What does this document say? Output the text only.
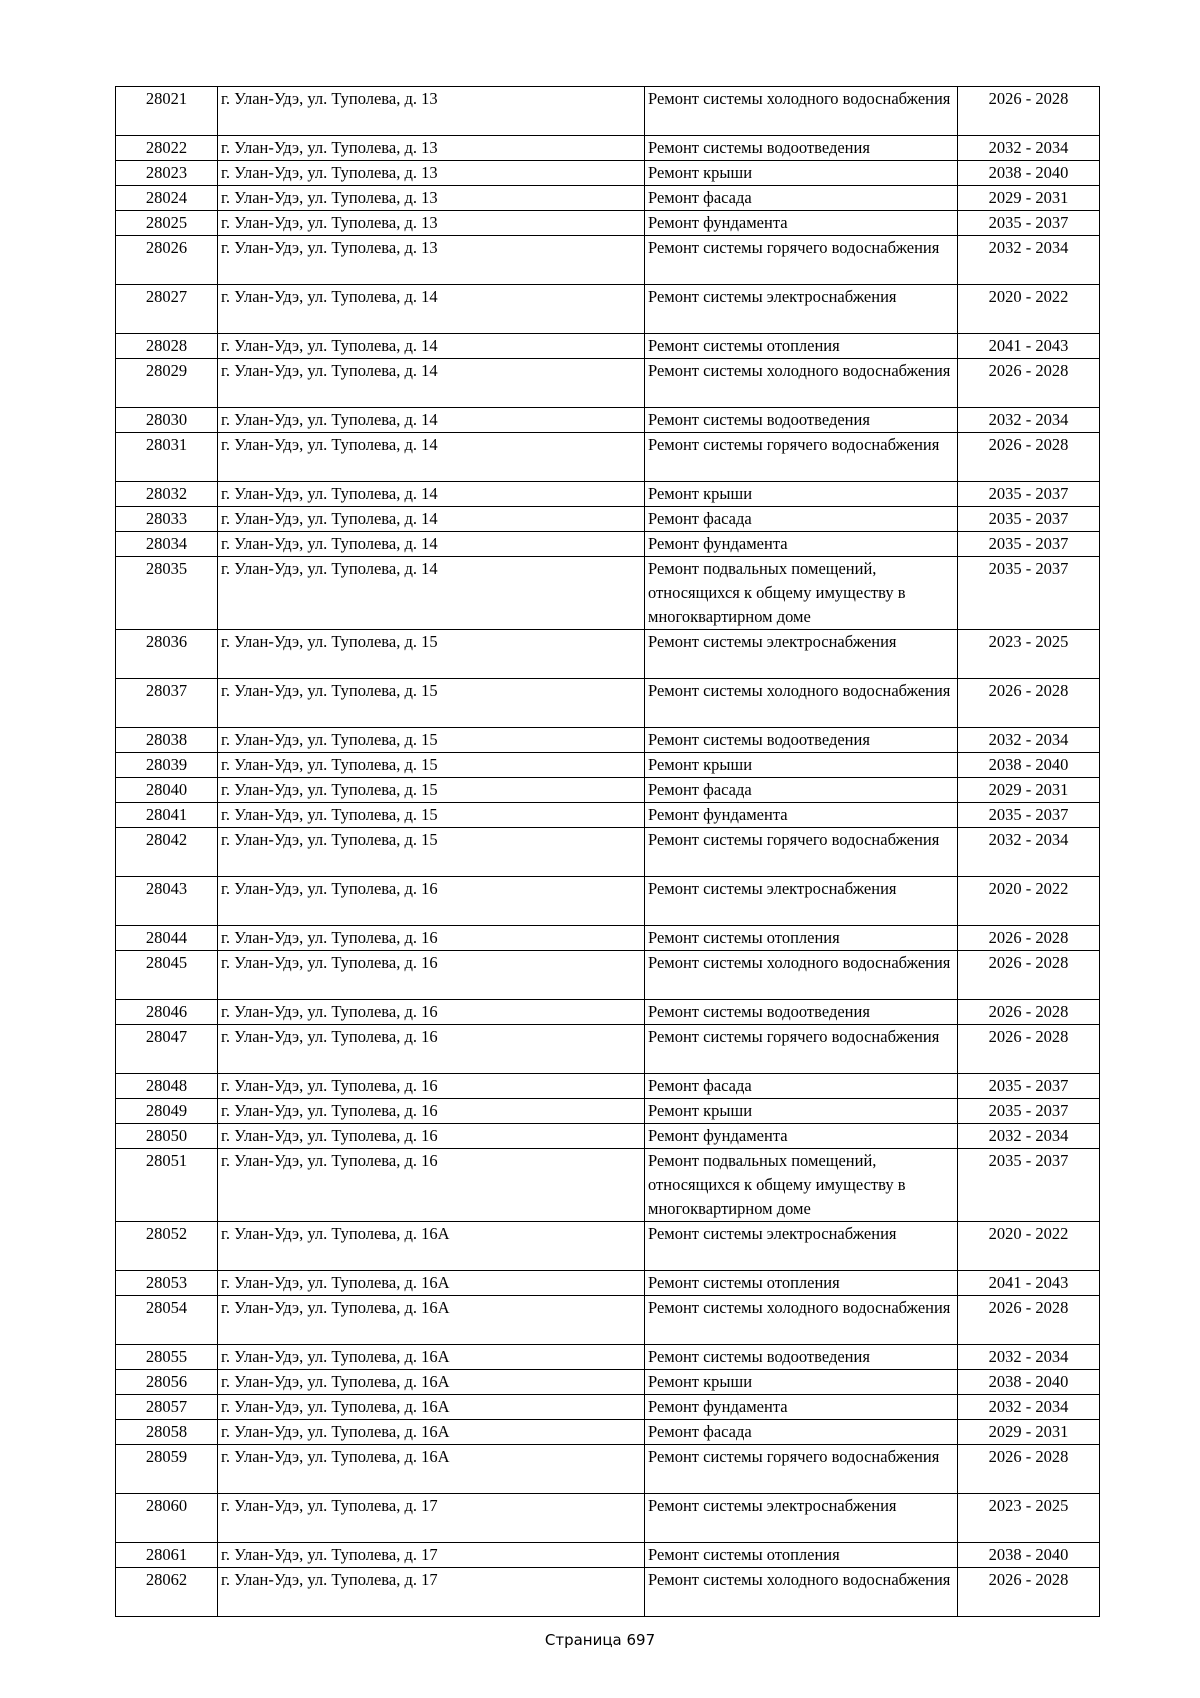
28021	г. Улан-Удэ, ул. Туполева, д. 13	Ремонт системы холодного водоснабжения	2026 - 2028
28022	г. Улан-Удэ, ул. Туполева, д. 13	Ремонт системы водоотведения	2032 - 2034
28023	г. Улан-Удэ, ул. Туполева, д. 13	Ремонт крыши	2038 - 2040
28024	г. Улан-Удэ, ул. Туполева, д. 13	Ремонт фасада	2029 - 2031
28025	г. Улан-Удэ, ул. Туполева, д. 13	Ремонт фундамента	2035 - 2037
28026	г. Улан-Удэ, ул. Туполева, д. 13	Ремонт системы горячего водоснабжения	2032 - 2034
28027	г. Улан-Удэ, ул. Туполева, д. 14	Ремонт системы электроснабжения	2020 - 2022
28028	г. Улан-Удэ, ул. Туполева, д. 14	Ремонт системы отопления	2041 - 2043
28029	г. Улан-Удэ, ул. Туполева, д. 14	Ремонт системы холодного водоснабжения	2026 - 2028
28030	г. Улан-Удэ, ул. Туполева, д. 14	Ремонт системы водоотведения	2032 - 2034
28031	г. Улан-Удэ, ул. Туполева, д. 14	Ремонт системы горячего водоснабжения	2026 - 2028
28032	г. Улан-Удэ, ул. Туполева, д. 14	Ремонт крыши	2035 - 2037
28033	г. Улан-Удэ, ул. Туполева, д. 14	Ремонт фасада	2035 - 2037
28034	г. Улан-Удэ, ул. Туполева, д. 14	Ремонт фундамента	2035 - 2037
28035	г. Улан-Удэ, ул. Туполева, д. 14	Ремонт подвальных помещений, относящихся к общему имуществу в многоквартирном доме	2035 - 2037
28036	г. Улан-Удэ, ул. Туполева, д. 15	Ремонт системы электроснабжения	2023 - 2025
28037	г. Улан-Удэ, ул. Туполева, д. 15	Ремонт системы холодного водоснабжения	2026 - 2028
28038	г. Улан-Удэ, ул. Туполева, д. 15	Ремонт системы водоотведения	2032 - 2034
28039	г. Улан-Удэ, ул. Туполева, д. 15	Ремонт крыши	2038 - 2040
28040	г. Улан-Удэ, ул. Туполева, д. 15	Ремонт фасада	2029 - 2031
28041	г. Улан-Удэ, ул. Туполева, д. 15	Ремонт фундамента	2035 - 2037
28042	г. Улан-Удэ, ул. Туполева, д. 15	Ремонт системы горячего водоснабжения	2032 - 2034
28043	г. Улан-Удэ, ул. Туполева, д. 16	Ремонт системы электроснабжения	2020 - 2022
28044	г. Улан-Удэ, ул. Туполева, д. 16	Ремонт системы отопления	2026 - 2028
28045	г. Улан-Удэ, ул. Туполева, д. 16	Ремонт системы холодного водоснабжения	2026 - 2028
28046	г. Улан-Удэ, ул. Туполева, д. 16	Ремонт системы водоотведения	2026 - 2028
28047	г. Улан-Удэ, ул. Туполева, д. 16	Ремонт системы горячего водоснабжения	2026 - 2028
28048	г. Улан-Удэ, ул. Туполева, д. 16	Ремонт фасада	2035 - 2037
28049	г. Улан-Удэ, ул. Туполева, д. 16	Ремонт крыши	2035 - 2037
28050	г. Улан-Удэ, ул. Туполева, д. 16	Ремонт фундамента	2032 - 2034
28051	г. Улан-Удэ, ул. Туполева, д. 16	Ремонт подвальных помещений, относящихся к общему имуществу в многоквартирном доме	2035 - 2037
28052	г. Улан-Удэ, ул. Туполева, д. 16А	Ремонт системы электроснабжения	2020 - 2022
28053	г. Улан-Удэ, ул. Туполева, д. 16А	Ремонт системы отопления	2041 - 2043
28054	г. Улан-Удэ, ул. Туполева, д. 16А	Ремонт системы холодного водоснабжения	2026 - 2028
28055	г. Улан-Удэ, ул. Туполева, д. 16А	Ремонт системы водоотведения	2032 - 2034
28056	г. Улан-Удэ, ул. Туполева, д. 16А	Ремонт крыши	2038 - 2040
28057	г. Улан-Удэ, ул. Туполева, д. 16А	Ремонт фундамента	2032 - 2034
28058	г. Улан-Удэ, ул. Туполева, д. 16А	Ремонт фасада	2029 - 2031
28059	г. Улан-Удэ, ул. Туполева, д. 16А	Ремонт системы горячего водоснабжения	2026 - 2028
28060	г. Улан-Удэ, ул. Туполева, д. 17	Ремонт системы электроснабжения	2023 - 2025
28061	г. Улан-Удэ, ул. Туполева, д. 17	Ремонт системы отопления	2038 - 2040
28062	г. Улан-Удэ, ул. Туполева, д. 17	Ремонт системы холодного водоснабжения	2026 - 2028
Страница 697
